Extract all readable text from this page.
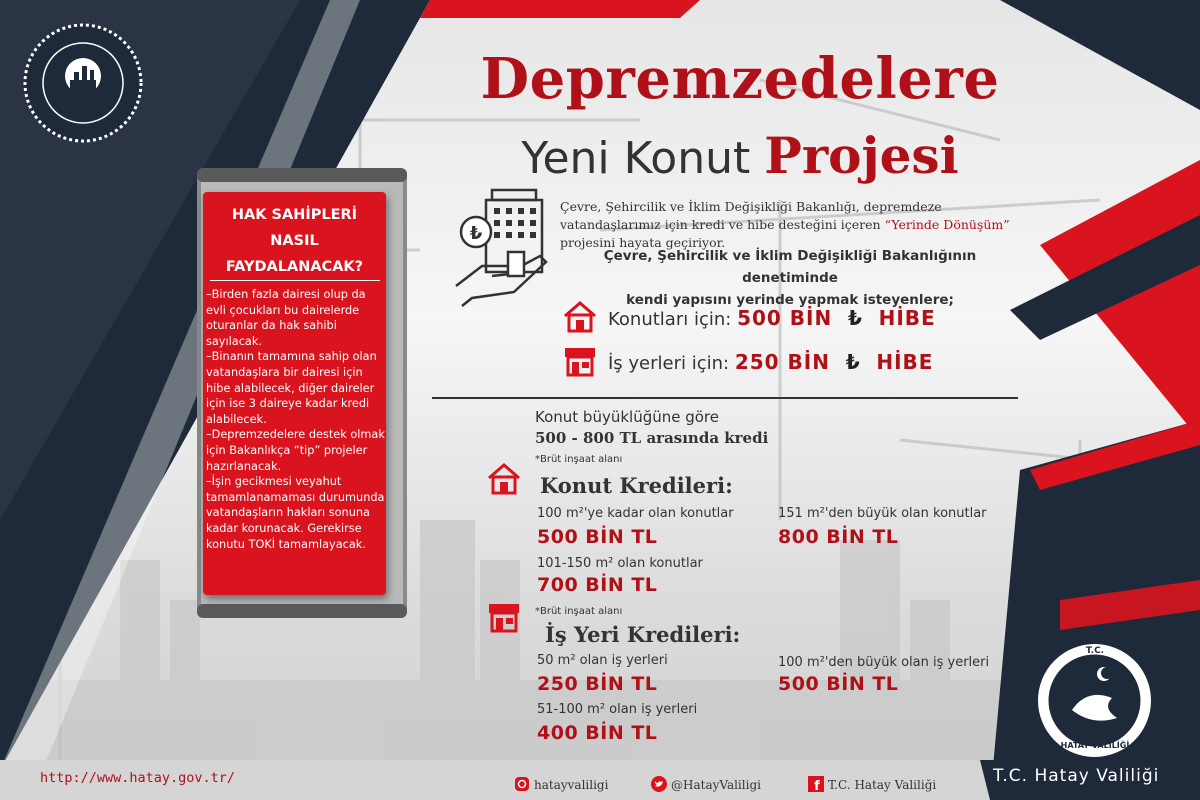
Depremzedelere
Yeni Konut Projesi
₺
Çevre, Şehircilik ve İklim Değişikliği Bakanlığı, depremdeze vatandaşlarımız için kredi ve hibe desteğini içeren “Yerinde Dönüşüm” projesini hayata geçiriyor.
Çevre, Şehircilik ve İklim Değişikliği Bakanlığının denetiminde
kendi yapısını yerinde yapmak isteyenlere;
Konutları için: 500 BİN ₺ HİBE
İş yerleri için: 250 BİN ₺ HİBE
Konut büyüklüğüne göre
500 - 800 TL arasında kredi
*Brüt inşaat alanı
Konut Kredileri:
100 m²'ye kadar olan konutlar
500 BİN TL
101-150 m² olan konutlar
700 BİN TL
151 m²'den büyük olan konutlar
800 BİN TL
*Brüt inşaat alanı
İş Yeri Kredileri:
50 m² olan iş yerleri
250 BİN TL
51-100 m² olan iş yerleri
400 BİN TL
100 m²'den büyük olan iş yerleri
500 BİN TL
HAK SAHİPLERİ
NASIL
FAYDALANACAK?

–Birden fazla dairesi olup da evli çocukları bu dairelerde oturanlar da hak sahibi sayılacak.

–Binanın tamamına sahip olan vatandaşlara bir dairesi için hibe alabilecek, diğer daireler için ise 3 daireye kadar kredi alabilecek.

–Depremzedelere destek olmak için Bakanlıkça “tip” projeler hazırlanacak.

–İşin gecikmesi veyahut tamamlanamaması durumunda vatandaşların hakları sonuna kadar korunacak. Gerekirse konutu TOKİ tamamlayacak.

http://www.hatay.gov.tr/	hatayvaliligi	@HatayValiligi	f T.C. Hatay Valiliği
T.C.
HATAY VALİLİĞİ
T.C. Hatay Valiliği
